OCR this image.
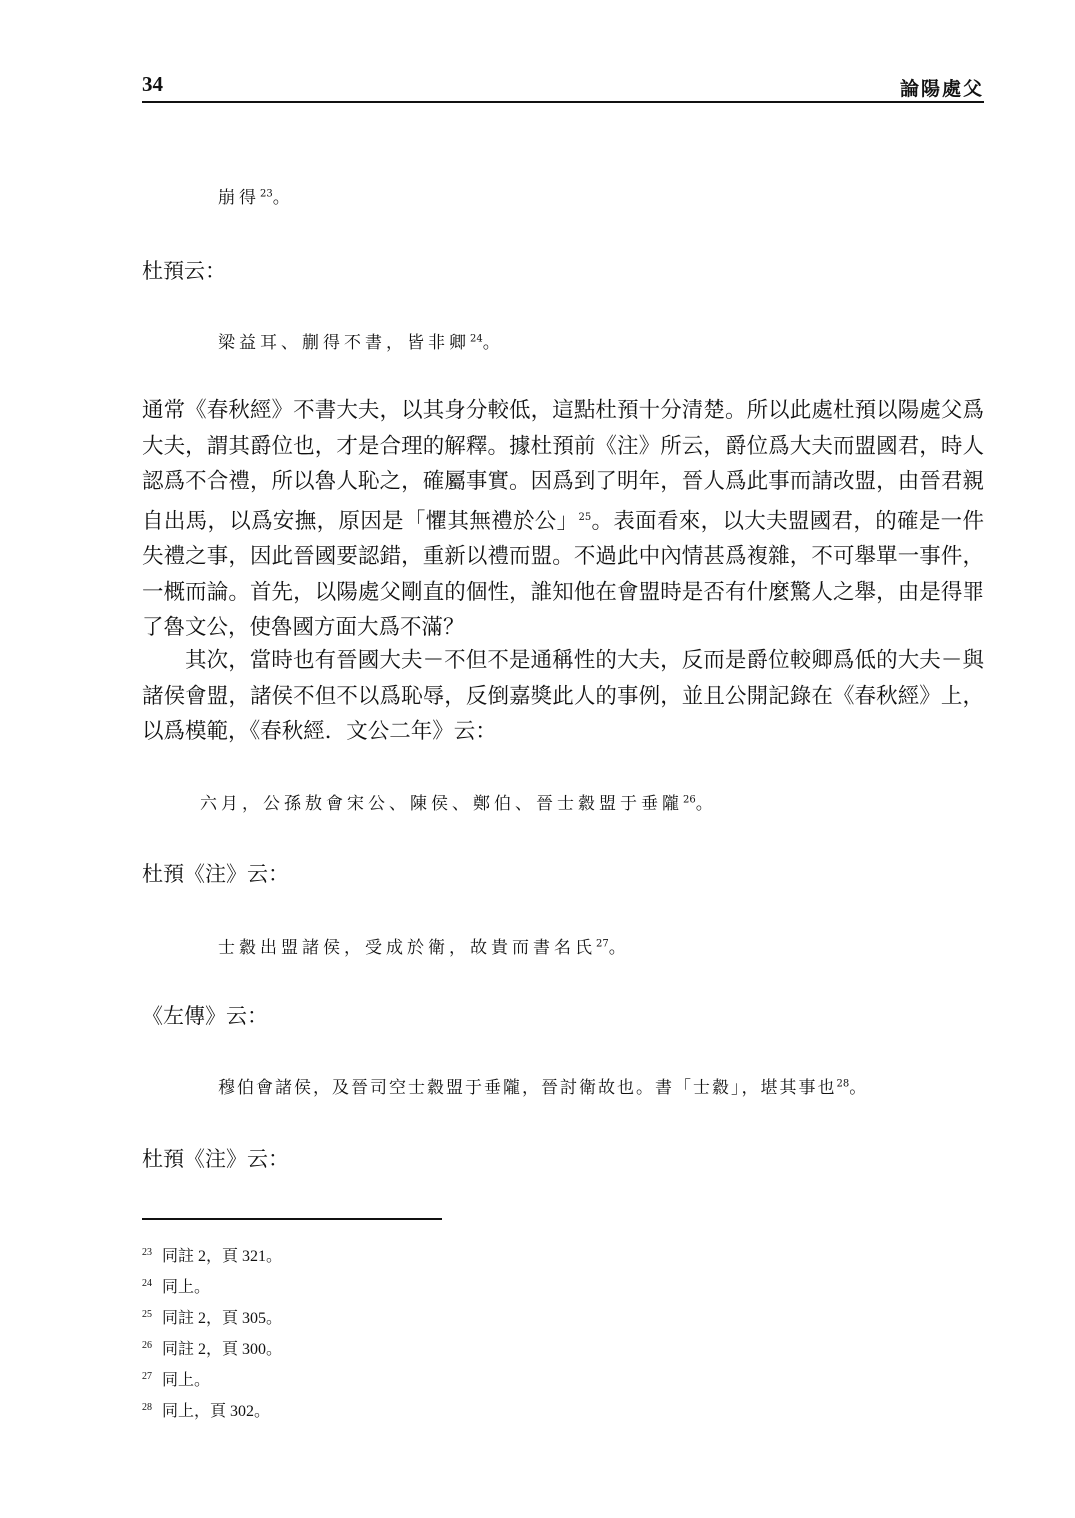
34	論陽處父
崩得$^{23}$。
杜預云：
梁益耳、蒯得不書，皆非卿$^{24}$。

通常《春秋經》不書大夫，以其身分較低，這點杜預十分清楚。所以此處杜預以陽處父爲大夫，謂其爵位也，才是合理的解釋。據杜預前《注》所云，爵位爲大夫而盟國君，時人認爲不合禮，所以魯人恥之，確屬事實。因爲到了明年，晉人爲此事而請改盟，由晉君親自出馬，以爲安撫，原因是「懼其無禮於公」$^{25}$。表面看來，以大夫盟國君，的確是一件失禮之事，因此晉國要認錯，重新以禮而盟。不過此中內情甚爲複雜，不可舉單一事件，一概而論。首先，以陽處父剛直的個性，誰知他在會盟時是否有什麼驚人之舉，由是得罪了魯文公，使魯國方面大爲不滿？

其次，當時也有晉國大夫－不但不是通稱性的大夫，反而是爵位較卿爲低的大夫－與諸侯會盟，諸侯不但不以爲恥辱，反倒嘉獎此人的事例，並且公開記錄在《春秋經》上，以爲模範，《春秋經．文公二年》云：

六月，公孫敖會宋公、陳侯、鄭伯、晉士縠盟于垂隴$^{26}$。
杜預《注》云：
士縠出盟諸侯，受成於衛，故貴而書名氏$^{27}$。
《左傳》云：
穆伯會諸侯，及晉司空士縠盟于垂隴，晉討衛故也。書「士縠」，堪其事也$^{28}$。
杜預《注》云：
$^{23}$ 同註 2，頁 321。
$^{24}$ 同上。
$^{25}$ 同註 2，頁 305。
$^{26}$ 同註 2，頁 300。
$^{27}$ 同上。
$^{28}$ 同上，頁 302。
